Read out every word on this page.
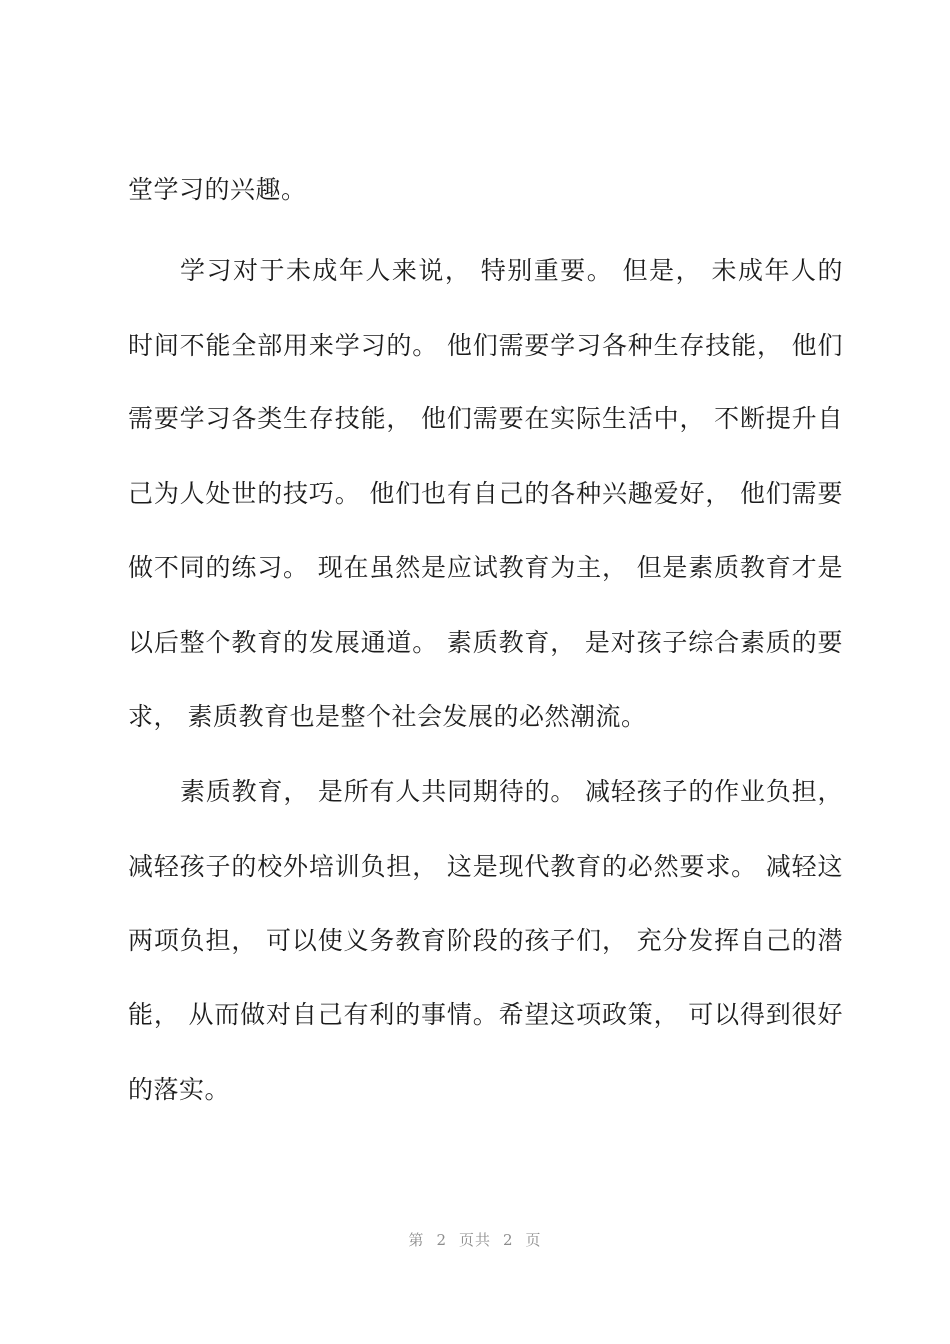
堂学习的兴趣。
学习对于未成年人来说， 特别重要。 但是， 未成年人的
时间不能全部用来学习的。 他们需要学习各种生存技能， 他们
需要学习各类生存技能， 他们需要在实际生活中， 不断提升自
己为人处世的技巧。 他们也有自己的各种兴趣爱好， 他们需要
做不同的练习。 现在虽然是应试教育为主， 但是素质教育才是
以后整个教育的发展通道。 素质教育， 是对孩子综合素质的要
求， 素质教育也是整个社会发展的必然潮流。
素质教育， 是所有人共同期待的。 减轻孩子的作业负担，
减轻孩子的校外培训负担， 这是现代教育的必然要求。 减轻这
两项负担， 可以使义务教育阶段的孩子们， 充分发挥自己的潜
能， 从而做对自己有利的事情。希望这项政策， 可以得到很好
的落实。
第 2 页共 2 页
